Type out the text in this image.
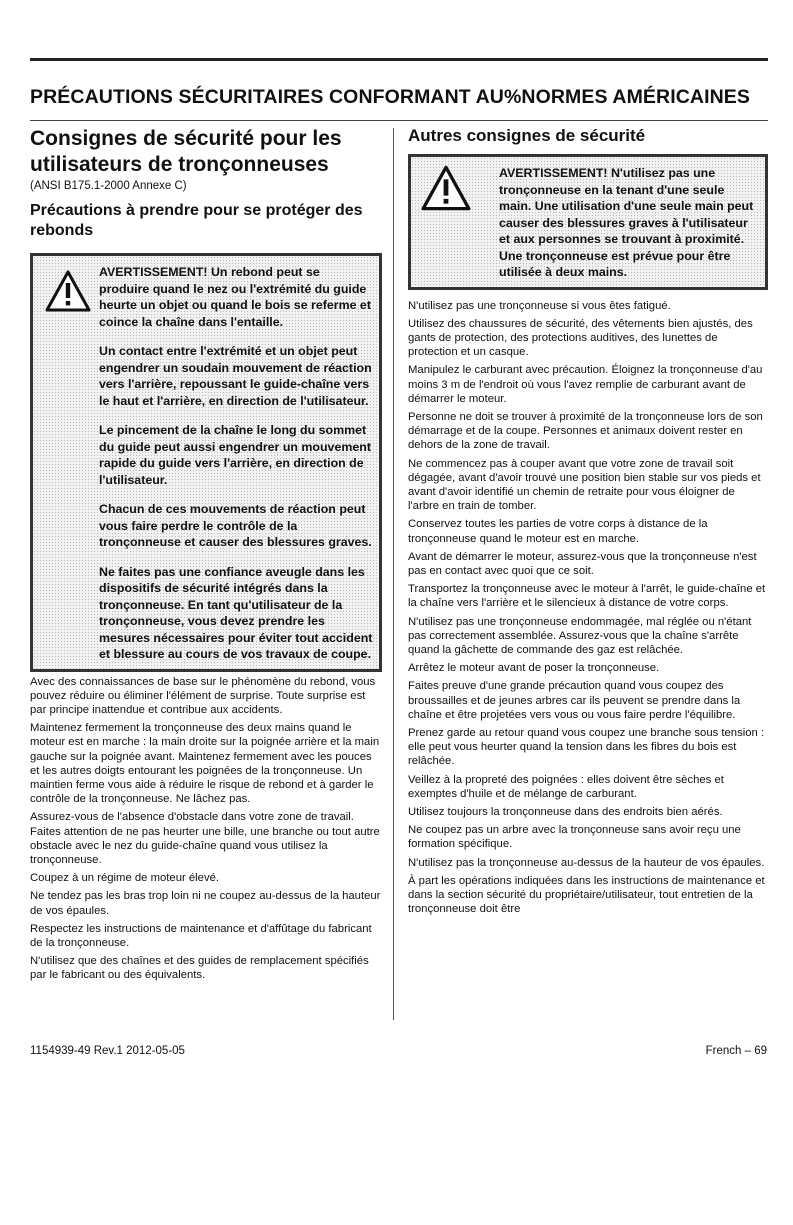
PRÉCAUTIONS SÉCURITAIRES CONFORMANT AU%NORMES AMÉRICAINES
Consignes de sécurité pour les utilisateurs de tronçonneuses
(ANSI B175.1-2000 Annexe C)
Précautions à prendre pour se protéger des rebonds

AVERTISSEMENT! Un rebond peut se produire quand le nez ou l'extrémité du guide heurte un objet ou quand le bois se referme et coince la chaîne dans l'entaille.

Un contact entre l'extrémité et un objet peut engendrer un soudain mouvement de réaction vers l'arrière, repoussant le guide-chaîne vers le haut et l'arrière, en direction de l'utilisateur.

Le pincement de la chaîne le long du sommet du guide peut aussi engendrer un mouvement rapide du guide vers l'arrière, en direction de l'utilisateur.

Chacun de ces mouvements de réaction peut vous faire perdre le contrôle de la tronçonneuse et causer des blessures graves.

Ne faites pas une confiance aveugle dans les dispositifs de sécurité intégrés dans la tronçonneuse. En tant qu'utilisateur de la tronçonneuse, vous devez prendre les mesures nécessaires pour éviter tout accident et blessure au cours de vos travaux de coupe.

Avec des connaissances de base sur le phénomène du rebond, vous pouvez réduire ou éliminer l'élément de surprise. Toute surprise est par principe inattendue et contribue aux accidents.

Maintenez fermement la tronçonneuse des deux mains quand le moteur est en marche : la main droite sur la poignée arrière et la main gauche sur la poignée avant. Maintenez fermement avec les pouces et les autres doigts entourant les poignées de la tronçonneuse. Un maintien ferme vous aide à réduire le risque de rebond et à garder le contrôle de la tronçonneuse. Ne lâchez pas.

Assurez-vous de l'absence d'obstacle dans votre zone de travail. Faites attention de ne pas heurter une bille, une branche ou tout autre obstacle avec le nez du guide-chaîne quand vous utilisez la tronçonneuse.

Coupez à un régime de moteur élevé.

Ne tendez pas les bras trop loin ni ne coupez au-dessus de la hauteur de vos épaules.

Respectez les instructions de maintenance et d'affûtage du fabricant de la tronçonneuse.

N'utilisez que des chaînes et des guides de remplacement spécifiés par le fabricant ou des équivalents.

Autres consignes de sécurité

AVERTISSEMENT! N'utilisez pas une tronçonneuse en la tenant d'une seule main. Une utilisation d'une seule main peut causer des blessures graves à l'utilisateur et aux personnes se trouvant à proximité. Une tronçonneuse est prévue pour être utilisée à deux mains.

N'utilisez pas une tronçonneuse si vous êtes fatigué.

Utilisez des chaussures de sécurité, des vêtements bien ajustés, des gants de protection, des protections auditives, des lunettes de protection et un casque.

Manipulez le carburant avec précaution. Éloignez la tronçonneuse d'au moins 3 m de l'endroit où vous l'avez remplie de carburant avant de démarrer le moteur.

Personne ne doit se trouver à proximité de la tronçonneuse lors de son démarrage et de la coupe. Personnes et animaux doivent rester en dehors de la zone de travail.

Ne commencez pas à couper avant que votre zone de travail soit dégagée, avant d'avoir trouvé une position bien stable sur vos pieds et avant d'avoir identifié un chemin de retraite pour vous éloigner de l'arbre en train de tomber.

Conservez toutes les parties de votre corps à distance de la tronçonneuse quand le moteur est en marche.

Avant de démarrer le moteur, assurez-vous que la tronçonneuse n'est pas en contact avec quoi que ce soit.

Transportez la tronçonneuse avec le moteur à l'arrêt, le guide-chaîne et la chaîne vers l'arrière et le silencieux à distance de votre corps.

N'utilisez pas une tronçonneuse endommagée, mal réglée ou n'étant pas correctement assemblée. Assurez-vous que la chaîne s'arrête quand la gâchette de commande des gaz est relâchée.

Arrêtez le moteur avant de poser la tronçonneuse.

Faites preuve d'une grande précaution quand vous coupez des broussailles et de jeunes arbres car ils peuvent se prendre dans la chaîne et être projetées vers vous ou vous faire perdre l'équilibre.

Prenez garde au retour quand vous coupez une branche sous tension : elle peut vous heurter quand la tension dans les fibres du bois est relâchée.

Veillez à la propreté des poignées : elles doivent être sèches et exemptes d'huile et de mélange de carburant.

Utilisez toujours la tronçonneuse dans des endroits bien aérés.

Ne coupez pas un arbre avec la tronçonneuse sans avoir reçu une formation spécifique.

N'utilisez pas la tronçonneuse au-dessus de la hauteur de vos épaules.

À part les opérations indiquées dans les instructions de maintenance et dans la section sécurité du propriétaire/utilisateur, tout entretien de la tronçonneuse doit être

1154939-49 Rev.1 2012-05-05	French – 69
